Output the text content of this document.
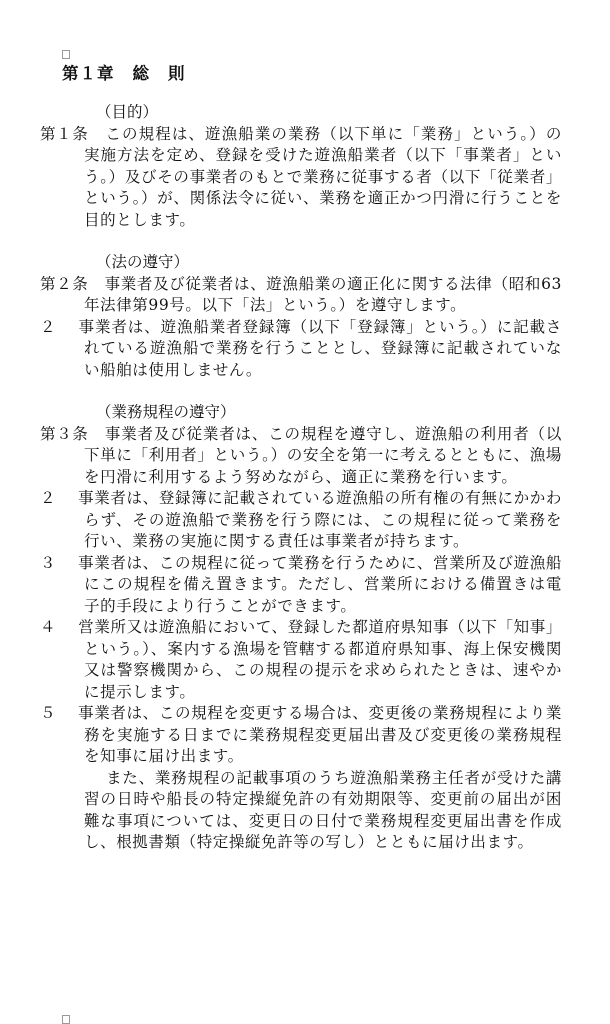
第１章 総 則

（目的）

第１条　 この規程は、遊漁船業の業務（以下単に「業務」という。）の実施方法を定め、登録を受けた遊漁船業者（以下「事業者」という。）及びその事業者のもとで業務に従事する者（以下「従業者」という。）が、関係法令に従い、業務を適正かつ円滑に行うことを目的とします。

（法の遵守）

第２条　 事業者及び従業者は、遊漁船業の適正化に関する法律（昭和63年法律第99号。以下「法」という。）を遵守します。

２　 事業者は、遊漁船業者登録簿（以下「登録簿」という。）に記載されている遊漁船で業務を行うこととし、登録簿に記載されていない船舶は使用しません。

（業務規程の遵守）

第３条　 事業者及び従業者は、この規程を遵守し、遊漁船の利用者（以下単に「利用者」という。）の安全を第一に考えるとともに、漁場を円滑に利用するよう努めながら、適正に業務を行います。

２　 事業者は、登録簿に記載されている遊漁船の所有権の有無にかかわらず、その遊漁船で業務を行う際には、この規程に従って業務を行い、業務の実施に関する責任は事業者が持ちます。

３　 事業者は、この規程に従って業務を行うために、営業所及び遊漁船にこの規程を備え置きます。ただし、営業所における備置きは電子的手段により行うことができます。

４　 営業所又は遊漁船において、登録した都道府県知事（以下「知事」という。）、案内する漁場を管轄する都道府県知事、海上保安機関又は警察機関から、この規程の提示を求められたときは、速やかに提示します。

５　 事業者は、この規程を変更する場合は、変更後の業務規程により業務を実施する日までに業務規程変更届出書及び変更後の業務規程を知事に届け出ます。

また、業務規程の記載事項のうち遊漁船業務主任者が受けた講習の日時や船長の特定操縦免許の有効期限等、変更前の届出が困難な事項については、変更日の日付で業務規程変更届出書を作成し、根拠書類（特定操縦免許等の写し）とともに届け出ます。
